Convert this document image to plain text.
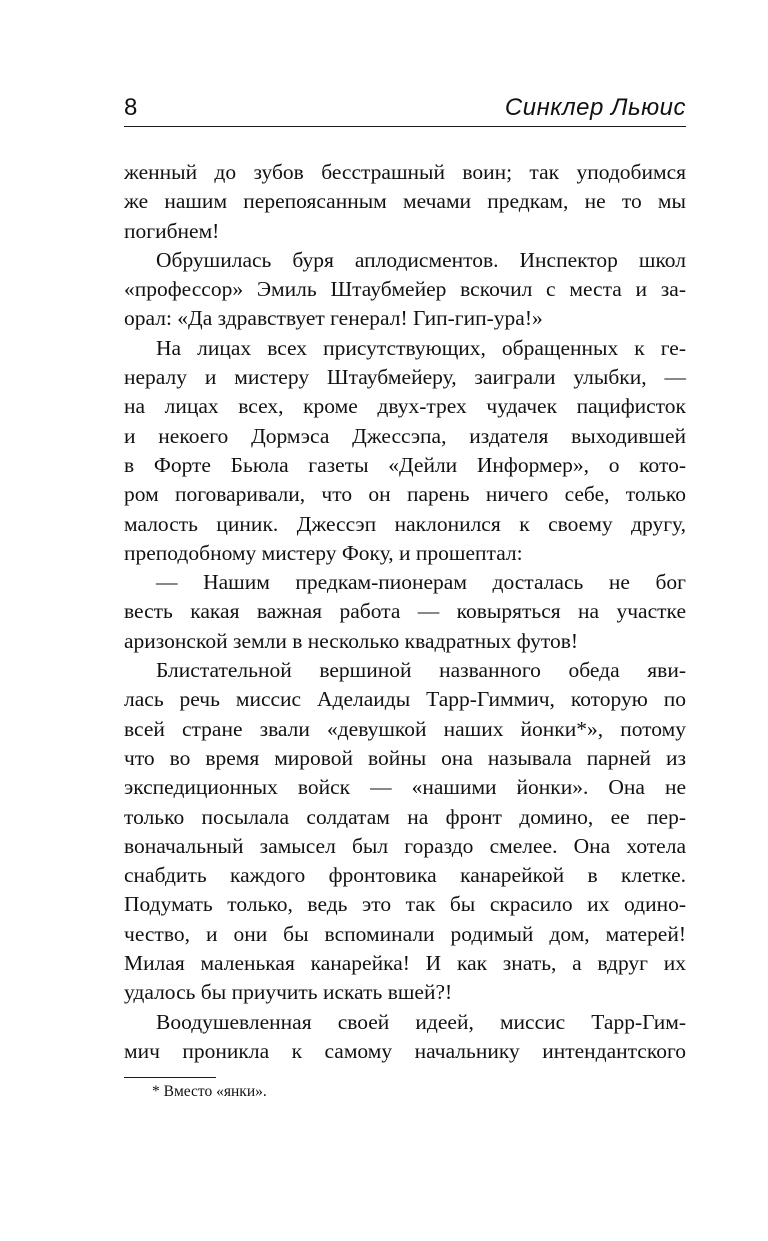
8	Синклер Льюис
женный до зубов бесстрашный воин; так уподобимся
же нашим перепоясанным мечами предкам, не то мы
погибнем!
Обрушилась буря аплодисментов. Инспектор школ
«профессор» Эмиль Штаубмейер вскочил с места и за-
орал: «Да здравствует генерал! Гип-гип-ура!»
На лицах всех присутствующих, обращенных к ге-
нералу и мистеру Штаубмейеру, заиграли улыбки, —
на лицах всех, кроме двух-трех чудачек пацифисток
и некоего Дормэса Джессэпа, издателя выходившей
в Форте Бьюла газеты «Дейли Информер», о кото-
ром поговаривали, что он парень ничего себе, только
малость циник. Джессэп наклонился к своему другу,
преподобному мистеру Фоку, и прошептал:
— Нашим предкам-пионерам досталась не бог
весть какая важная работа — ковыряться на участке
аризонской земли в несколько квадратных футов!
Блистательной вершиной названного обеда яви-
лась речь миссис Аделаиды Тарр-Гиммич, которую по
всей стране звали «девушкой наших йонки*», потому
что во время мировой войны она называла парней из
экспедиционных войск — «нашими йонки». Она не
только посылала солдатам на фронт домино, ее пер-
воначальный замысел был гораздо смелее. Она хотела
снабдить каждого фронтовика канарейкой в клетке.
Подумать только, ведь это так бы скрасило их одино-
чество, и они бы вспоминали родимый дом, матерей!
Милая маленькая канарейка! И как знать, а вдруг их
удалось бы приучить искать вшей?!
Воодушевленная своей идеей, миссис Тарр-Гим-
мич проникла к самому начальнику интендантского
* Вместо «янки».
